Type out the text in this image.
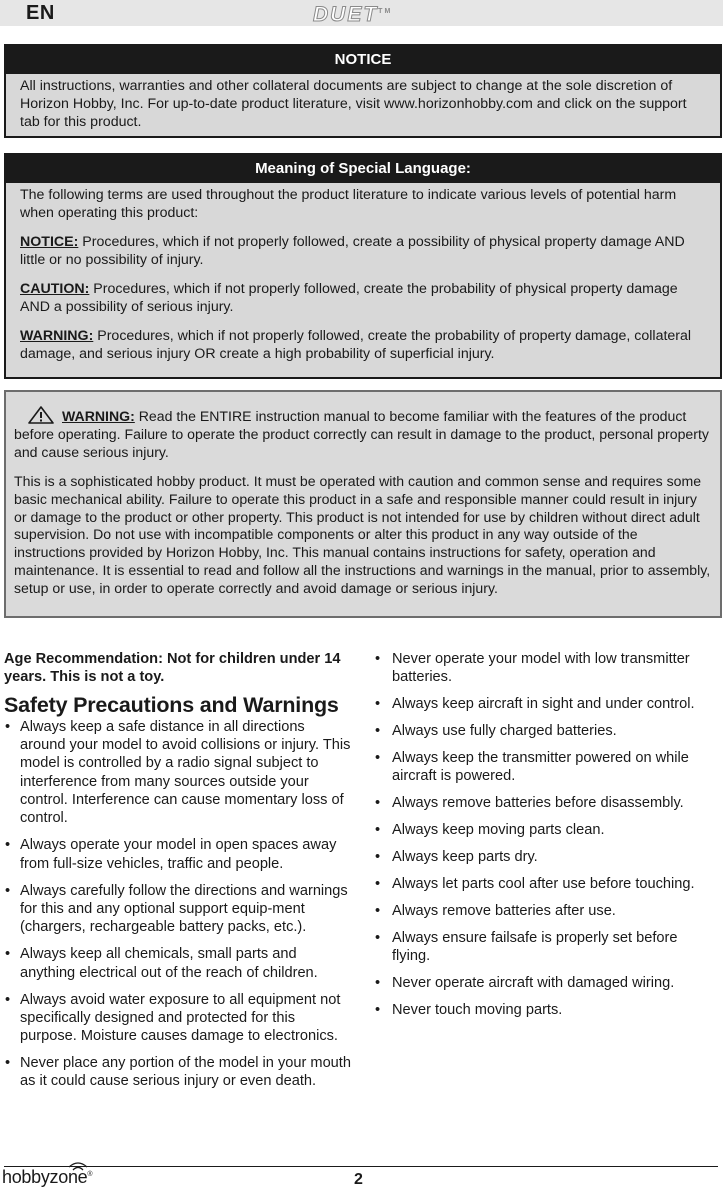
EN	DUET™
NOTICE

All instructions, warranties and other collateral documents are subject to change at the sole discretion of Horizon Hobby, Inc. For up-to-date product literature, visit www.horizonhobby.com and click on the support tab for this product.

Meaning of Special Language:

The following terms are used throughout the product literature to indicate various levels of potential harm when operating this product:

NOTICE: Procedures, which if not properly followed, create a possibility of physical property damage AND little or no possibility of injury.

CAUTION: Procedures, which if not properly followed, create the probability of physical property damage AND a possibility of serious injury.

WARNING: Procedures, which if not properly followed, create the probability of property damage, collateral damage, and serious injury OR create a high probability of superficial injury.

WARNING: Read the ENTIRE instruction manual to become familiar with the features of the product before operating. Failure to operate the product correctly can result in damage to the product, personal property and cause serious injury.

This is a sophisticated hobby product. It must be operated with caution and common sense and requires some basic mechanical ability. Failure to operate this product in a safe and responsible manner could result in injury or damage to the product or other property. This product is not intended for use by children without direct adult supervision. Do not use with incompatible components or alter this product in any way outside of the instructions provided by Horizon Hobby, Inc. This manual contains instructions for safety, operation and maintenance. It is essential to read and follow all the instructions and warnings in the manual, prior to assembly, setup or use, in order to operate correctly and avoid damage or serious injury.

Age Recommendation: Not for children under 14 years. This is not a toy.

Safety Precautions and Warnings
• Always keep a safe distance in all directions around your model to avoid collisions or injury. This model is controlled by a radio signal subject to interference from many sources outside your control. Interference can cause momentary loss of control.
• Always operate your model in open spaces away from full-size vehicles, traffic and people.
• Always carefully follow the directions and warnings for this and any optional support equip-ment (chargers, rechargeable battery packs, etc.).
• Always keep all chemicals, small parts and anything electrical out of the reach of children.
• Always avoid water exposure to all equipment not specifically designed and protected for this purpose. Moisture causes damage to electronics.
• Never place any portion of the model in your mouth as it could cause serious injury or even death.
• Never operate your model with low transmitter batteries.
• Always keep aircraft in sight and under control.
• Always use fully charged batteries.
• Always keep the transmitter powered on while aircraft is powered.
• Always remove batteries before disassembly.
• Always keep moving parts clean.
• Always keep parts dry.
• Always let parts cool after use before touching.
• Always remove batteries after use.
• Always ensure failsafe is properly set before flying.
• Never operate aircraft with damaged wiring.
• Never touch moving parts.
hobbyzone®	2
